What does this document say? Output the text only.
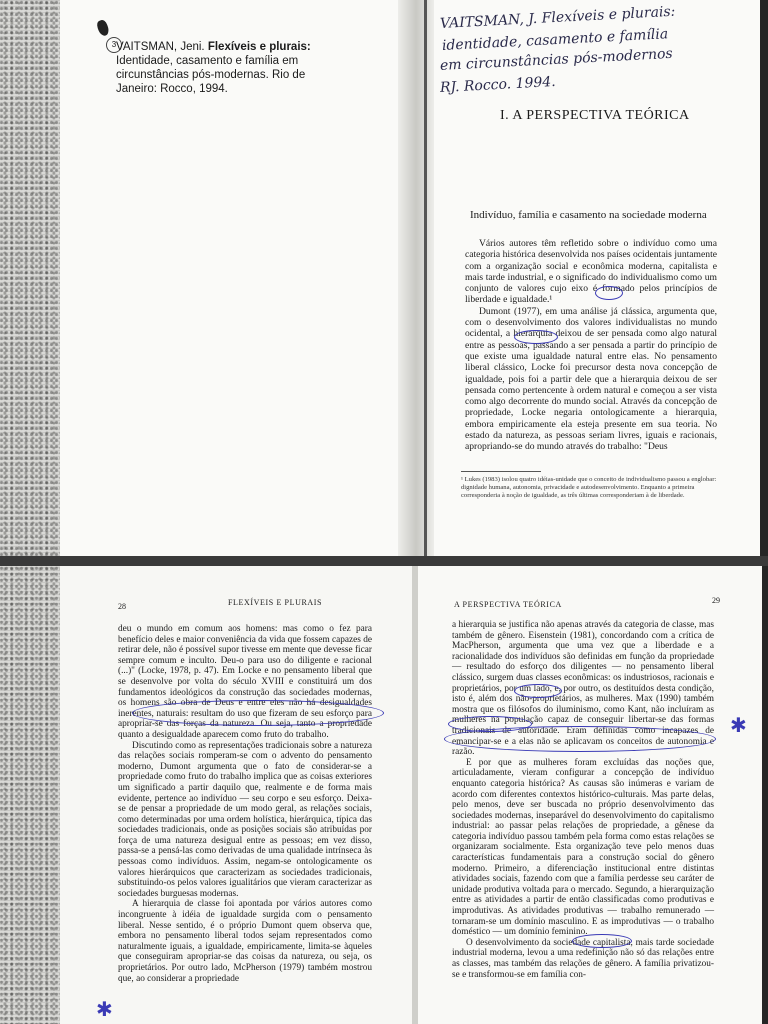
3 VAITSMAN, Jeni. Flexíveis e plurais:
Identidade, casamento e família em circunstâncias pós-modernas. Rio de Janeiro: Rocco, 1994.
VAITSMAN, J. Flexíveis e plurais:
identidade, casamento e família
em circunstâncias pós-modernos
RJ. Rocco. 1994.
I. A PERSPECTIVA TEÓRICA
Indivíduo, família e casamento na sociedade moderna

Vários autores têm refletido sobre o indivíduo como uma categoria histórica desenvolvida nos países ocidentais juntamente com a organização social e econômica moderna, capitalista e mais tarde industrial, e o significado do individualismo como um conjunto de valores cujo eixo é formado pelos princípios de liberdade e igualdade.¹

Dumont (1977), em uma análise já clássica, argumenta que, com o desenvolvimento dos valores individualistas no mundo ocidental, a hierarquia deixou de ser pensada como algo natural entre as pessoas, passando a ser pensada a partir do princípio de que existe uma igualdade natural entre elas. No pensamento liberal clássico, Locke foi precursor desta nova concepção de igualdade, pois foi a partir dele que a hierarquia deixou de ser pensada como pertencente à ordem natural e começou a ser vista como algo decorrente do mundo social. Através da concepção de propriedade, Locke negaria ontologicamente a hierarquia, embora empiricamente ela esteja presente em sua teoria. No estado da natureza, as pessoas seriam livres, iguais e racionais, apropriando-se do mundo através do trabalho: "Deus

¹ Lukes (1983) isolou quatro idéias-unidade que o conceito de individualismo passou a englobar: dignidade humana, autonomia, privacidade e autodesenvolvimento. Enquanto a primeira corresponderia à noção de igualdade, as três últimas corresponderiam à de liberdade.
28	FLEXÍVEIS E PLURAIS

deu o mundo em comum aos homens: mas como o fez para benefício deles e maior conveniência da vida que fossem capazes de retirar dele, não é possível supor tivesse em mente que devesse ficar sempre comum e inculto. Deu-o para uso do diligente e racional (...)" (Locke, 1978, p. 47). Em Locke e no pensamento liberal que se desenvolve por volta do século XVIII e constituirá um dos fundamentos ideológicos da construção das sociedades modernas, os homens são obra de Deus e entre eles não há desigualdades inerentes, naturais: resultam do uso que fizeram de seu esforço para apropriar-se das forças da natureza. Ou seja, tanto a propriedade quanto a desigualdade aparecem como fruto do trabalho.

Discutindo como as representações tradicionais sobre a natureza das relações sociais romperam-se com o advento do pensamento moderno, Dumont argumenta que o fato de considerar-se a propriedade como fruto do trabalho implica que as coisas exteriores um significado a partir daquilo que, realmente e de forma mais evidente, pertence ao indivíduo — seu corpo e seu esforço. Deixa-se de pensar a propriedade de um modo geral, as relações sociais, como determinadas por uma ordem holística, hierárquica, típica das sociedades tradicionais, onde as posições sociais são atribuídas por força de uma natureza desigual entre as pessoas; em vez disso, passa-se a pensá-las como derivadas de uma qualidade intrínseca às pessoas como indivíduos. Assim, negam-se ontologicamente os valores hierárquicos que caracterizam as sociedades tradicionais, substituindo-os pelos valores igualitários que vieram caracterizar as sociedades burguesas modernas.

A hierarquia de classe foi apontada por vários autores como incongruente à idéia de igualdade surgida com o pensamento liberal. Nesse sentido, é o próprio Dumont quem observa que, embora no pensamento liberal todos sejam representados como naturalmente iguais, a igualdade, empiricamente, limita-se àqueles que conseguiram apropriar-se das coisas da natureza, ou seja, os proprietários. Por outro lado, McPherson (1979) também mostrou que, ao considerar a propriedade

✱
A PERSPECTIVA TEÓRICA	29

a hierarquia se justifica não apenas através da categoria de classe, mas também de gênero. Eisenstein (1981), concordando com a crítica de MacPherson, argumenta que uma vez que a liberdade e a racionalidade dos indivíduos são definidas em função da propriedade — resultado do esforço dos diligentes — no pensamento liberal clássico, surgem duas classes econômicas: os industriosos, racionais e proprietários, por um lado, e, por outro, os destituídos desta condição, isto é, além dos não-proprietários, as mulheres. Max (1990) também mostra que os filósofos do iluminismo, como Kant, não incluíram as mulheres na população capaz de conseguir libertar-se das formas tradicionais de autoridade. Eram definidas como incapazes de emancipar-se e a elas não se aplicavam os conceitos de autonomia e razão.

E por que as mulheres foram excluídas das noções que, articuladamente, vieram configurar a concepção de indivíduo enquanto categoria histórica? As causas são inúmeras e variam de acordo com diferentes contextos histórico-culturais. Mas parte delas, pelo menos, deve ser buscada no próprio desenvolvimento das sociedades modernas, inseparável do desenvolvimento do capitalismo industrial: ao passar pelas relações de propriedade, a gênese da categoria indivíduo passou também pela forma como estas relações se organizaram socialmente. Esta organização teve pelo menos duas características fundamentais para a construção social do gênero moderno. Primeiro, a diferenciação institucional entre distintas atividades sociais, fazendo com que a família perdesse seu caráter de unidade produtiva voltada para o mercado. Segundo, a hierarquização entre as atividades a partir de então classificadas como produtivas e improdutivas. As atividades produtivas — trabalho remunerado — tornaram-se um domínio masculino. E as improdutivas — o trabalho doméstico — um domínio feminino.

O desenvolvimento da sociedade capitalista, mais tarde sociedade industrial moderna, levou a uma redefinição não só das relações entre as classes, mas também das relações de gênero. A família privatizou-se e transformou-se em família con-

✱
